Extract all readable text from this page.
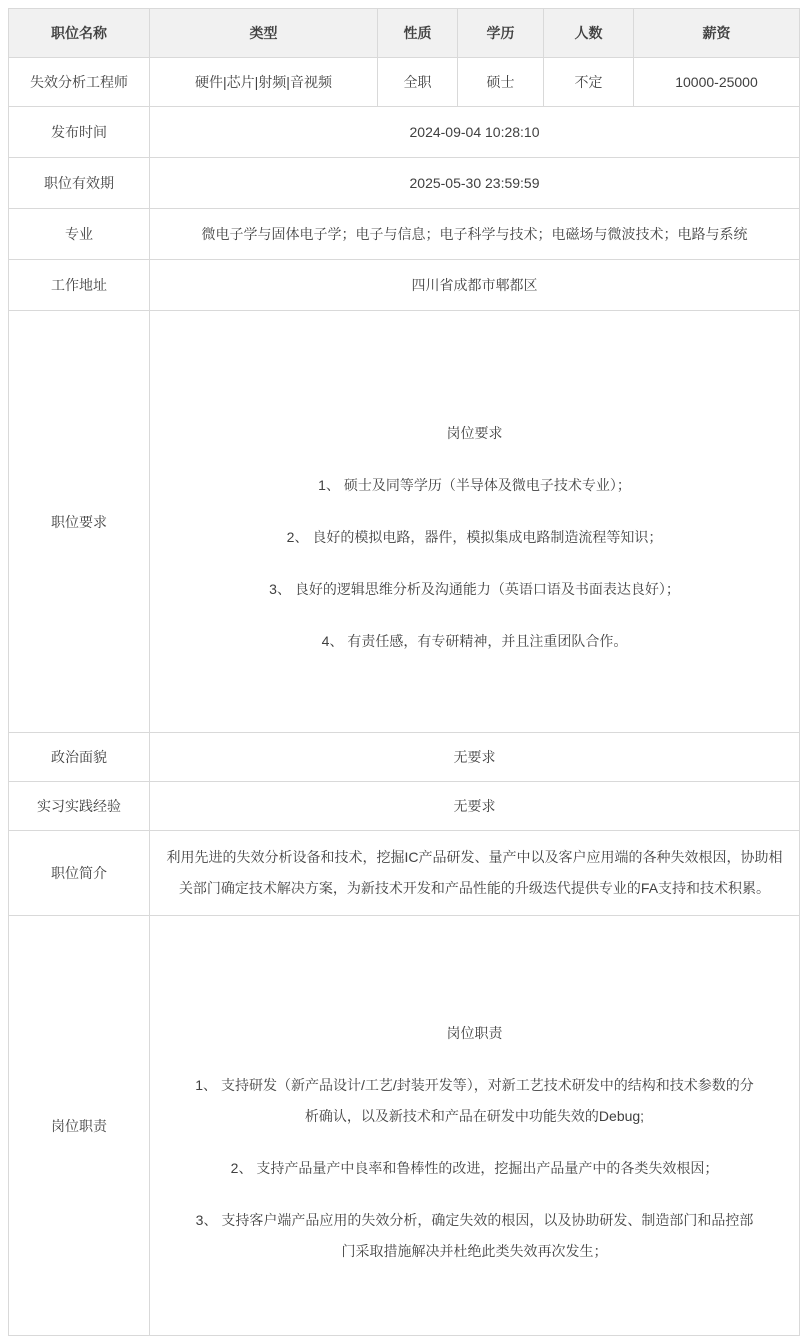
职位名称	类型	性质	学历	人数	薪资
失效分析工程师	硬件|芯片|射频|音视频	全职	硕士	不定	10000-25000
发布时间	2024-09-04 10:28:10				
职位有效期	2025-05-30 23:59:59				
专业	微电子学与固体电子学；电子与信息；电子科学与技术；电磁场与微波技术；电路与系统				
工作地址	四川省成都市郫都区				
职位要求	岗位要求

1、 硕士及同等学历（半导体及微电子技术专业）；

2、 良好的模拟电路，器件，模拟集成电路制造流程等知识；

3、 良好的逻辑思维分析及沟通能力（英语口语及书面表达良好）；

4、 有责任感，有专研精神，并且注重团队合作。				

政治面貌	无要求				
实习实践经验	无要求				
职位简介	利用先进的失效分析设备和技术，挖掘IC产品研发、量产中以及客户应用端的各种失效根因，协助相关部门确定技术解决方案，为新技术开发和产品性能的升级迭代提供专业的FA支持和技术积累。				
岗位职责	岗位职责

1、 支持研发（新产品设计/工艺/封装开发等），对新工艺技术研发中的结构和技术参数的分析确认，以及新技术和产品在研发中功能失效的Debug;

2、 支持产品量产中良率和鲁棒性的改进，挖掘出产品量产中的各类失效根因；

3、 支持客户端产品应用的失效分析，确定失效的根因，以及协助研发、制造部门和品控部门采取措施解决并杜绝此类失效再次发生；				
